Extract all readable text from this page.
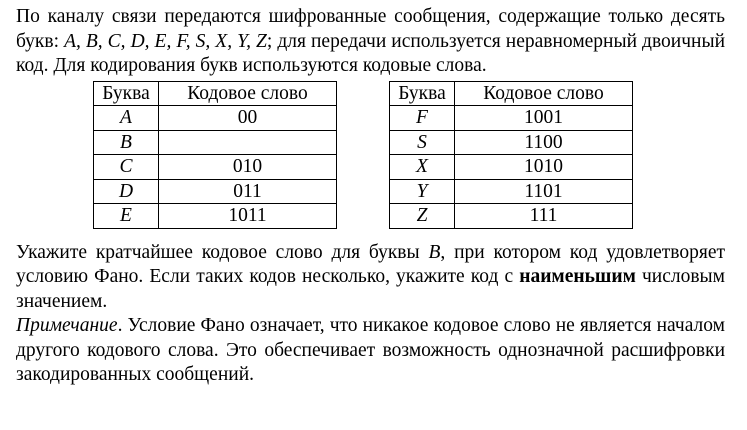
По каналу связи передаются шифрованные сообщения, содержащие только десять букв: A, B, C, D, E, F, S, X, Y, Z; для передачи используется неравномерный двоичный код. Для кодирования букв используются кодовые слова.

Буква	Кодовое слово
A	00
B	
C	010
D	011
E	1011
Буква	Кодовое слово
F	1001
S	1100
X	1010
Y	1101
Z	111

Укажите кратчайшее кодовое слово для буквы B, при котором код удовлетворяет условию Фано. Если таких кодов несколько, укажите код с наименьшим числовым значением.

Примечание. Условие Фано означает, что никакое кодовое слово не является началом другого кодового слова. Это обеспечивает возможность однозначной расшифровки закодированных сообщений.
